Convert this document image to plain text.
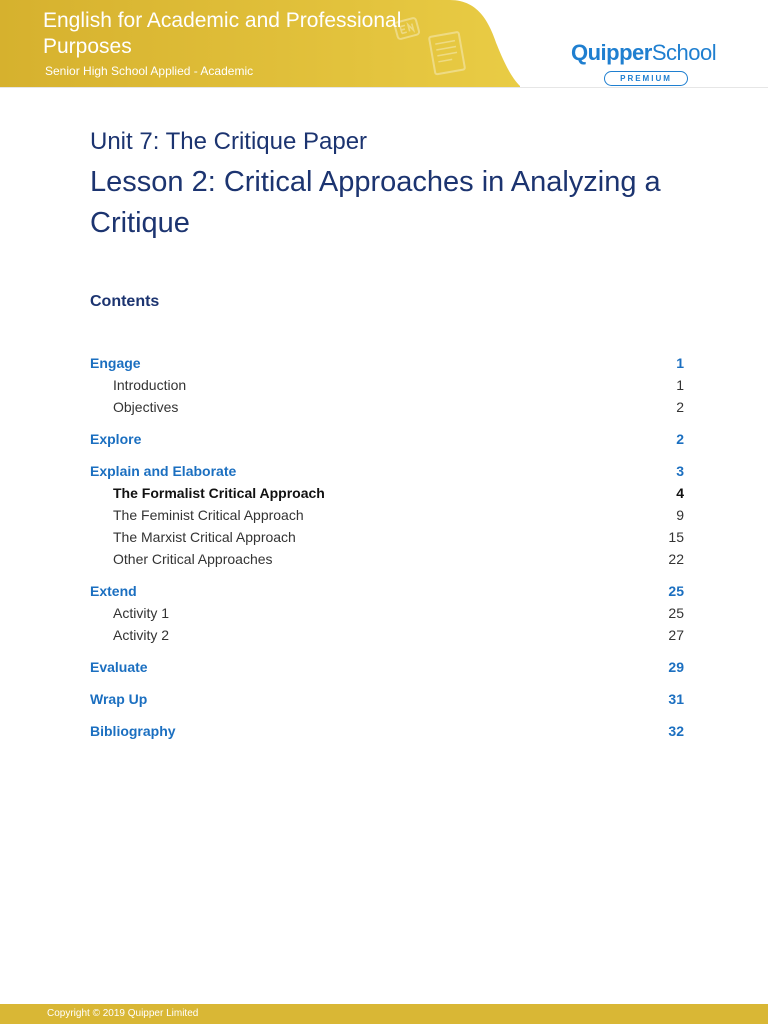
English for Academic and Professional Purposes

Senior High School Applied - Academic

QuipperSchool
PREMIUM
Unit 7: The Critique Paper
Lesson 2: Critical Approaches in Analyzing a Critique
Contents
Engage	1
Introduction	1
Objectives	2
Explore	2
Explain and Elaborate	3
The Formalist Critical Approach	4
The Feminist Critical Approach	9
The Marxist Critical Approach	15
Other Critical Approaches	22
Extend	25
Activity 1	25
Activity 2	27
Evaluate	29
Wrap Up	31
Bibliography	32

Copyright © 2019 Quipper Limited
